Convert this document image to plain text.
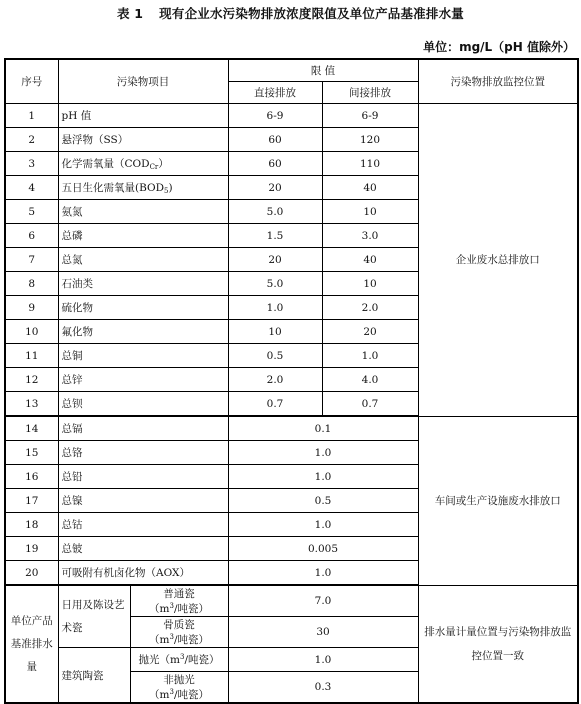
表 1 现有企业水污染物排放浓度限值及单位产品基准排水量
单位：mg/L（pH 值除外）
序号	污染物项目		限 值		污染物排放监控位置
			直接排放	间接排放	
1	pH 值		6-9	6-9	企业废水总排放口
2	悬浮物（SS）		60	120	
3	化学需氧量$(COD_{Cr})$		60	110	
4	五日生化需氧量$(BOD_5)$		20	40	
5	氨氮		5.0	10	
6	总磷		1.5	3.0	
7	总氮		20	40	
8	石油类		5.0	10	
9	硫化物		1.0	2.0	
10	氟化物		10	20	
11	总铜		0.5	1.0	
12	总锌		2.0	4.0	
13	总钡		0.7	0.7	
14	总镉		0.1		车间或生产设施废水排放口
15	总铬		1.0		
16	总铅		1.0		
17	总镍		0.5		
18	总钴		1.0		
19	总铍		0.005		
20	可吸附有机卤化物（AOX）		1.0		
单位产品基准排水量	日用及陈设艺术瓷	普通瓷（$m^3/$吨瓷）	7.0		排水量计量位置与污染物排放监控位置一致
		骨质瓷（$m^3/$吨瓷）	30		
	建筑陶瓷	抛光（$m^3/$吨瓷）	1.0		
		非抛光（$m^3/$吨瓷）	0.3		
